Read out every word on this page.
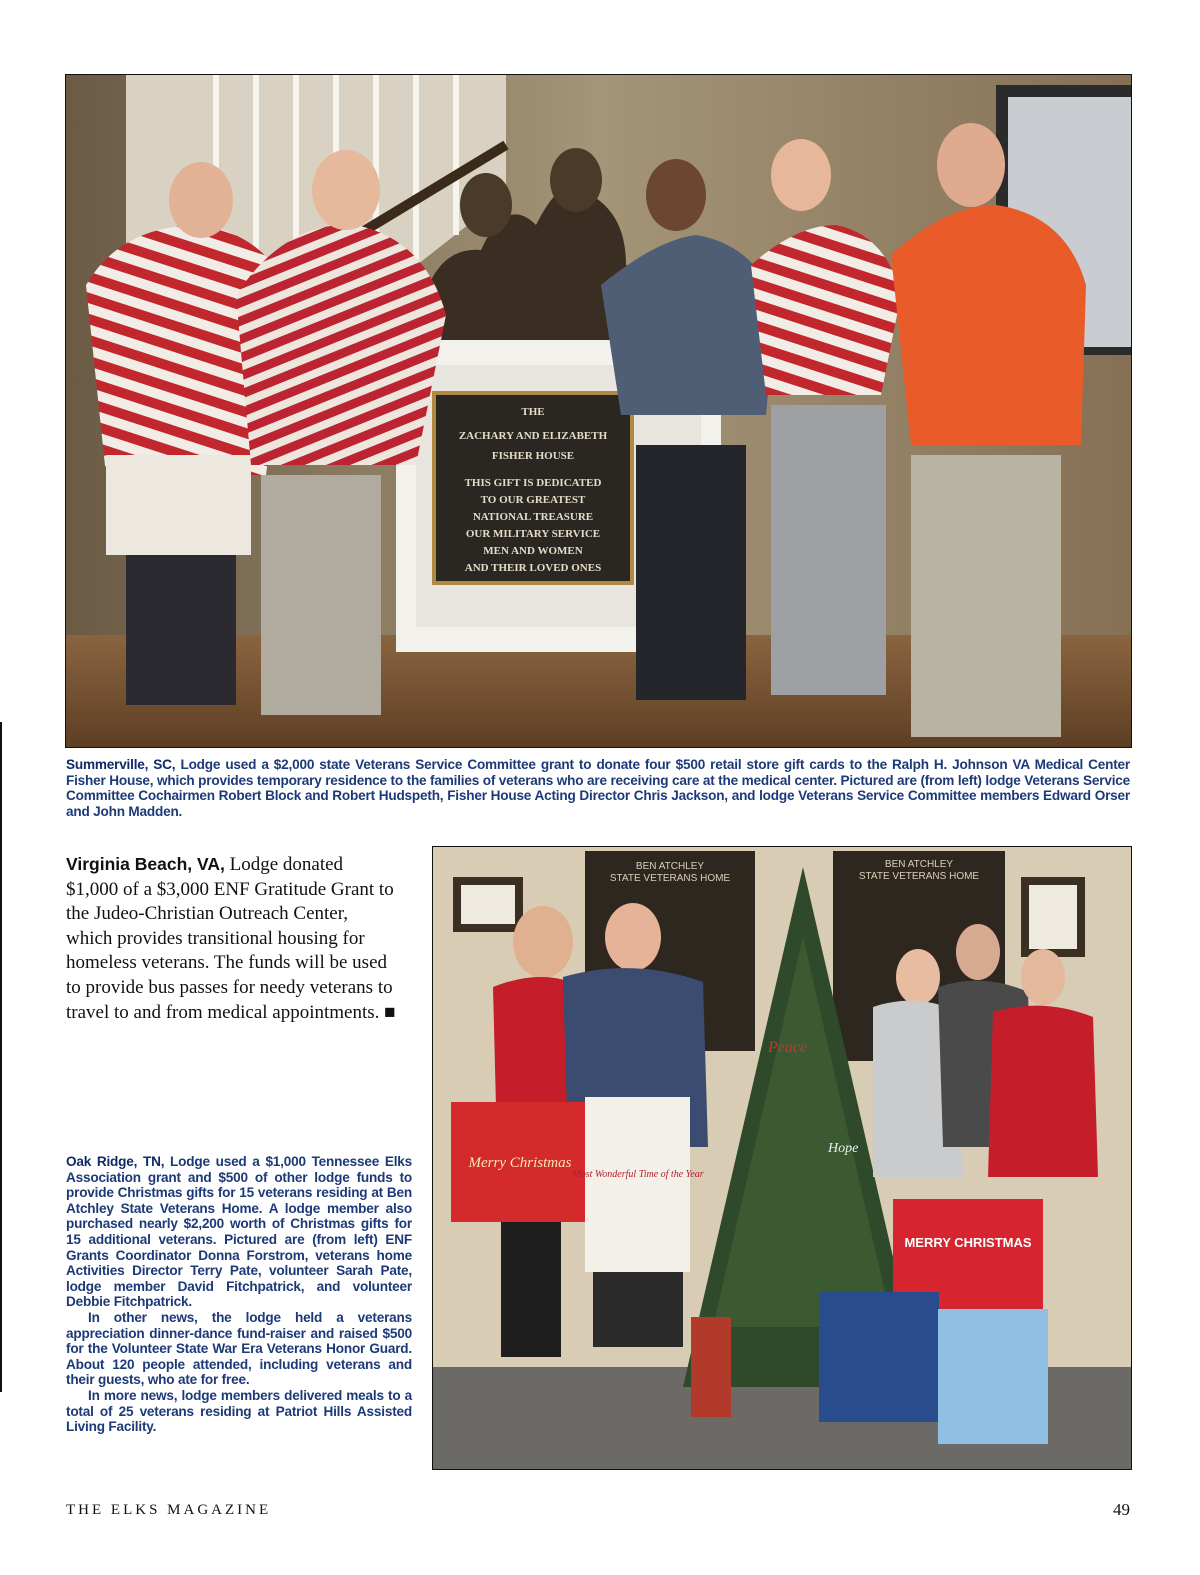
THE
ZACHARY AND ELIZABETH
FISHER HOUSE
THIS GIFT IS DEDICATED
TO OUR GREATEST
NATIONAL TREASURE
OUR MILITARY SERVICE
MEN AND WOMEN
AND THEIR LOVED ONES
Summerville, SC, Lodge used a $2,000 state Veterans Service Committee grant to donate four $500 retail store gift cards to the Ralph H. Johnson VA Medical Center Fisher House, which provides temporary residence to the families of veterans who are receiving care at the medical center. Pictured are (from left) lodge Veterans Service Committee Cochairmen Robert Block and Robert Hudspeth, Fisher House Acting Director Chris Jackson, and lodge Veterans Service Committee members Edward Orser and John Madden.
Virginia Beach, VA, Lodge donated $1,000 of a $3,000 ENF Gratitude Grant to the Judeo-Christian Outreach Center, which provides transitional housing for homeless veterans. The funds will be used to provide bus passes for needy veterans to travel to and from medical appointments. ■
BEN ATCHLEY
STATE VETERANS HOME
BEN ATCHLEY
STATE VETERANS HOME
Peace
Hope
Merry Christmas
Most Wonderful Time of the Year
MERRY CHRISTMAS

Oak Ridge, TN, Lodge used a $1,000 Tennessee Elks Association grant and $500 of other lodge funds to provide Christmas gifts for 15 veterans residing at Ben Atchley State Veterans Home. A lodge member also purchased nearly $2,200 worth of Christmas gifts for 15 additional veterans. Pictured are (from left) ENF Grants Coordinator Donna Forstrom, veterans home Activities Director Terry Pate, volunteer Sarah Pate, lodge member David Fitchpatrick, and volunteer Debbie Fitchpatrick.

In other news, the lodge held a veterans appreciation dinner-dance fund-raiser and raised $500 for the Volunteer State War Era Veterans Honor Guard. About 120 people attended, including veterans and their guests, who ate for free.

In more news, lodge members delivered meals to a total of 25 veterans residing at Patriot Hills Assisted Living Facility.

THE ELKS MAGAZINE	49
